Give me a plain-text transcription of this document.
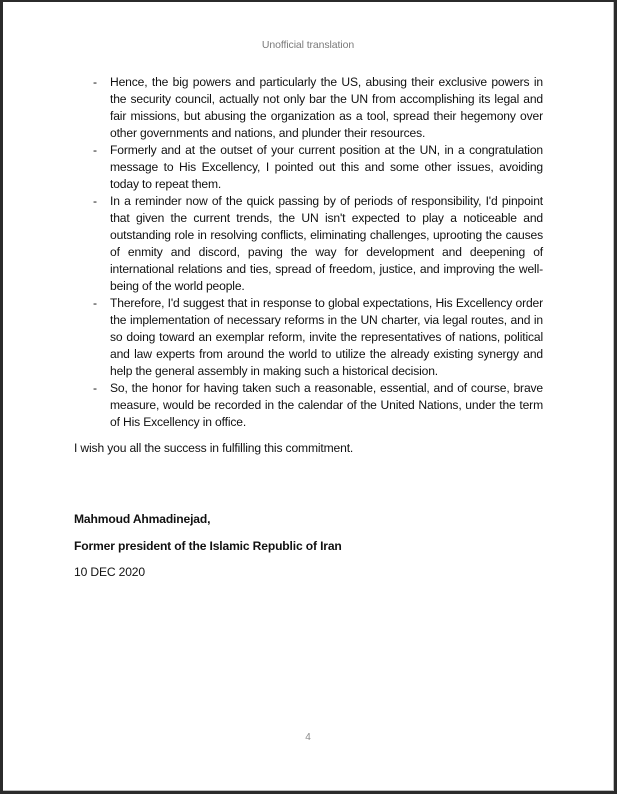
Unofficial translation
- Hence, the big powers and particularly the US, abusing their exclusive powers in the security council, actually not only bar the UN from accomplishing its legal and fair missions, but abusing the organization as a tool, spread their hegemony over other governments and nations, and plunder their resources.
- Formerly and at the outset of your current position at the UN, in a congratulation message to His Excellency, I pointed out this and some other issues, avoiding today to repeat them.
- In a reminder now of the quick passing by of periods of responsibility, I'd pinpoint that given the current trends, the UN isn't expected to play a noticeable and outstanding role in resolving conflicts, eliminating challenges, uprooting the causes of enmity and discord, paving the way for development and deepening of international relations and ties, spread of freedom, justice, and improving the well-being of the world people.
- Therefore, I'd suggest that in response to global expectations, His Excellency order the implementation of necessary reforms in the UN charter, via legal routes, and in so doing toward an exemplar reform, invite the representatives of nations, political and law experts from around the world to utilize the already existing synergy and help the general assembly in making such a historical decision.
- So, the honor for having taken such a reasonable, essential, and of course, brave measure, would be recorded in the calendar of the United Nations, under the term of His Excellency in office.
I wish you all the success in fulfilling this commitment.
Mahmoud Ahmadinejad,
Former president of the Islamic Republic of Iran
10 DEC 2020
4
